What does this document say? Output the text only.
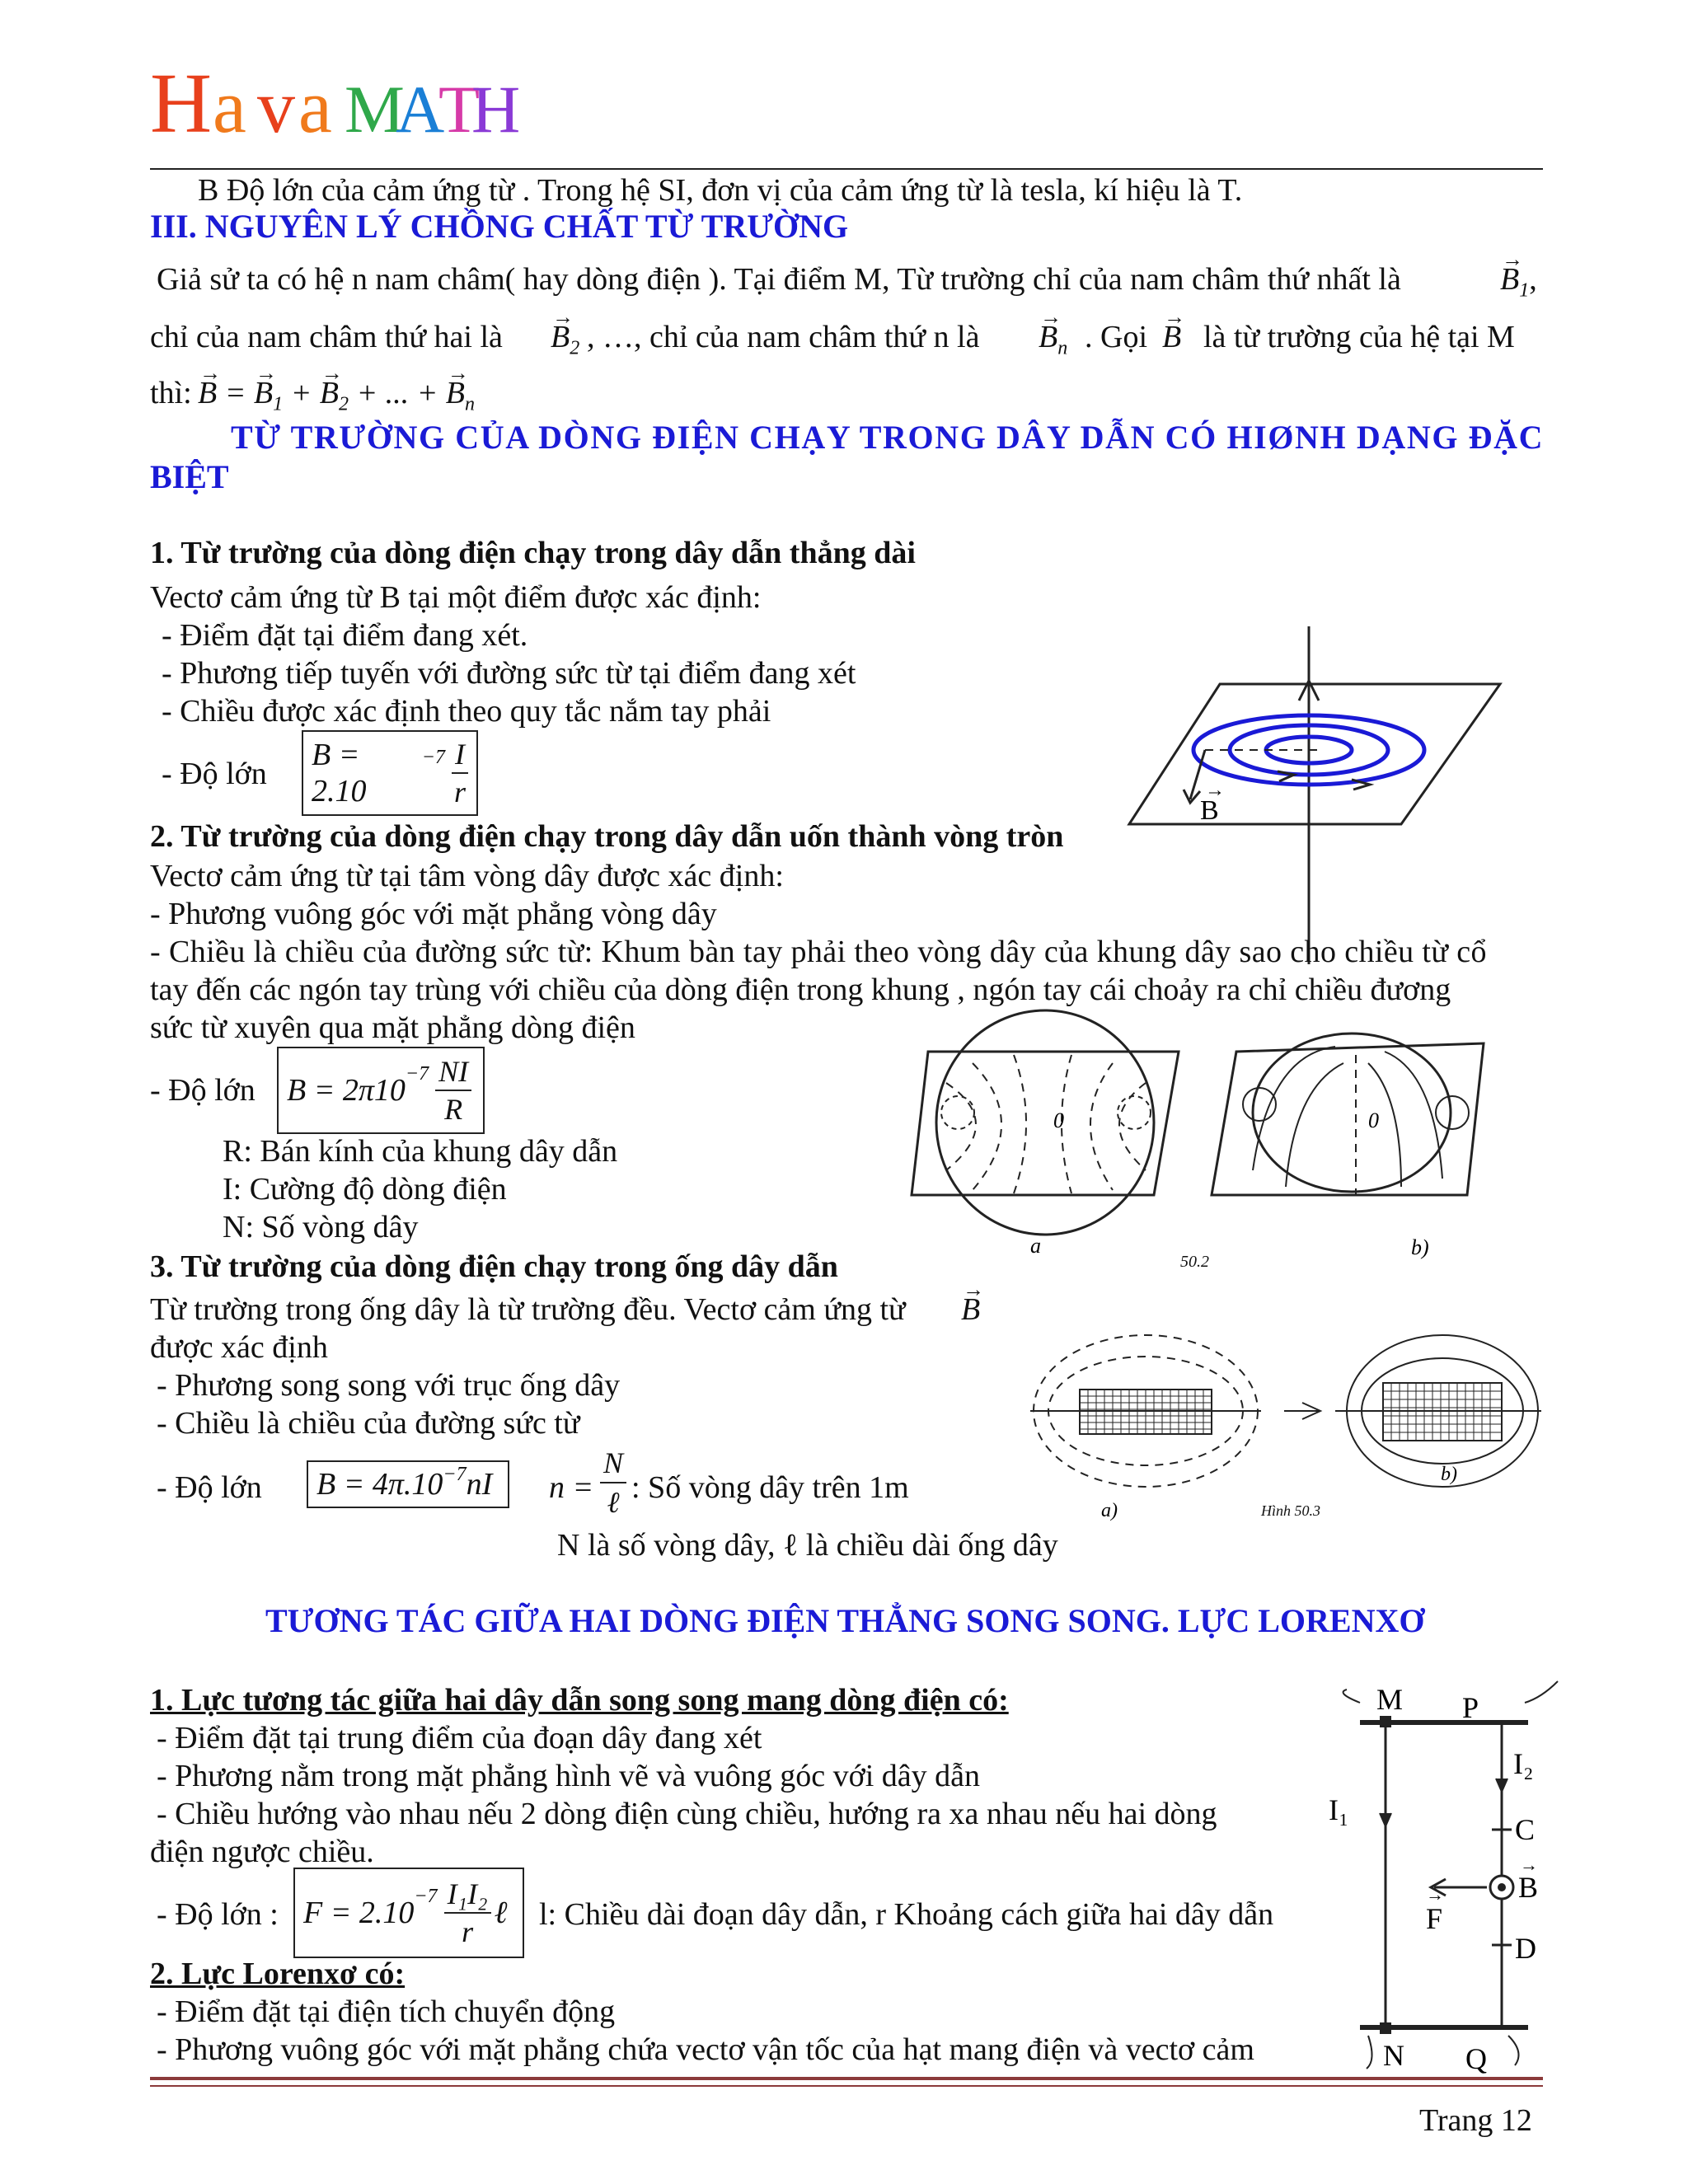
H a v a M
A
T
H
B Độ lớn của cảm ứng từ . Trong hệ SI, đơn vị của cảm ứng từ là tesla, kí hiệu là T.
III. NGUYÊN LÝ CHỒNG CHẤT TỪ TRƯỜNG
Giả sử ta có hệ n nam châm( hay dòng điện ). Tại điểm M, Từ trường chỉ của nam châm thứ nhất là	→ $B_1$,
chỉ của nam châm thứ hai là → $B_2$ , …, chỉ của nam châm thứ n là → $B_n$ . Gọi → B là từ trường của hệ tại M
thì: → B = → $B_1$ + → $B_2$ + ... + → $B_n$
TỪ TRƯỜNG CỦA DÒNG ĐIỆN CHẠY TRONG DÂY DẪN CÓ HIØNH DẠNG ĐẶC
BIỆT
1. Từ trường của dòng điện chạy trong dây dẫn thẳng dài
Vectơ cảm ứng từ B tại một điểm được xác định:
- Điểm đặt tại điểm đang xét.
- Phương tiếp tuyến với đường sức từ tại điểm đang xét
- Chiều được xác định theo quy tắc nắm tay phải
- Độ lớn
B = 2.10
$^{-7} \frac{I}{r}$
B
→
2. Từ trường của dòng điện chạy trong dây dẫn uốn thành vòng tròn
Vectơ cảm ứng từ tại tâm vòng dây được xác định:
- Phương vuông góc với mặt phẳng vòng dây
- Chiều là chiều của đường sức từ: Khum bàn tay phải theo vòng dây của khung dây sao cho chiều từ cổ
tay đến các ngón tay trùng với chiều của dòng điện trong khung , ngón tay cái choảy ra chỉ chiều đương
sức từ xuyên qua mặt phẳng dòng điện
- Độ lớn $B = 2\pi 10^{-7} \frac{NI}{R}$
R: Bán kính của khung dây dẫn
I: Cường độ dòng điện
N: Số vòng dây
0
a
0
b)
50.2
3. Từ trường của dòng điện chạy trong ống dây dẫn
Từ trường trong ống dây là từ trường đều. Vectơ cảm ứng từ → B
được xác định
- Phương song song với trục ống dây
- Chiều là chiều của đường sức từ
- Độ lớn $B = 4\pi.10^{-7}$ nI n =
N
ℓ : Số vòng dây trên 1m
N là số vòng dây, ℓ là chiều dài ống dây
a)
b)
Hình 50.3
TƯƠNG TÁC GIỮA HAI DÒNG ĐIỆN THẲNG SONG SONG. LỰC LORENXƠ
1. Lực tương tác giữa hai dây dẫn song song mang dòng điện có:
- Điểm đặt tại trung điểm của đoạn dây đang xét
- Phương nằm trong mặt phẳng hình vẽ và vuông góc với dây dẫn
- Chiều hướng vào nhau nếu 2 dòng điện cùng chiều, hướng ra xa nhau nếu hai dòng
điện ngược chiều.
- Độ lớn : $F = 2.10^{-7} \frac{\text{I₁I₂}}{r}$ ℓ l: Chiều dài đoạn dây dẫn, r Khoảng cách giữa hai dây dẫn
2. Lực Lorenxơ có:
- Điểm đặt tại điện tích chuyển động
- Phương vuông góc với mặt phẳng chứa vectơ vận tốc của hạt mang điện và vectơ cảm
M P
N Q
I₁
I₂
C
B
→
D
F
→
Trang 12
